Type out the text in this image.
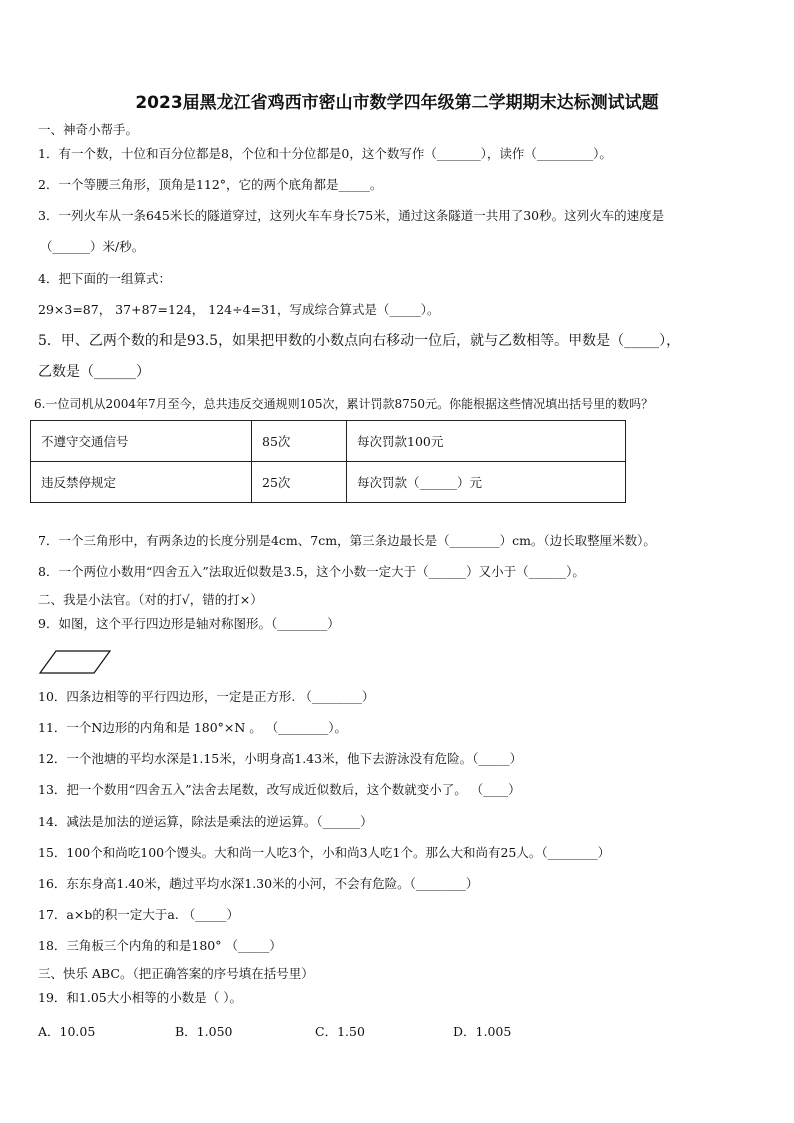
2023届黑龙江省鸡西市密山市数学四年级第二学期期末达标测试试题
一、神奇小帮手。
1．有一个数，十位和百分位都是8，个位和十分位都是0，这个数写作（_______），读作（_________）。
2．一个等腰三角形，顶角是112°，它的两个底角都是_____。
3．一列火车从一条645米长的隧道穿过，这列火车车身长75米，通过这条隧道一共用了30秒。这列火车的速度是
（______）米/秒。
4．把下面的一组算式：
29×3=87， 37+87=124， 124÷4=31，写成综合算式是（_____）。
5．甲、乙两个数的和是93.5，如果把甲数的小数点向右移动一位后，就与乙数相等。甲数是（_____），
乙数是（______）
6.一位司机从2004年7月至今，总共违反交通规则105次，累计罚款8750元。你能根据这些情况填出括号里的数吗？
不遵守交通信号	85次	每次罚款100元
违反禁停规定	25次	每次罚款（______）元
7．一个三角形中，有两条边的长度分别是4cm、7cm，第三条边最长是（________）cm。（边长取整厘米数）。
8．一个两位小数用“四舍五入”法取近似数是3.5，这个小数一定大于（______）又小于（______）。
二、我是小法官。（对的打√，错的打×）
9．如图，这个平行四边形是轴对称图形。（________）
10．四条边相等的平行四边形，一定是正方形. （________）
11．一个N边形的内角和是 180°×N 。 （________）。
12．一个池塘的平均水深是1.15米，小明身高1.43米，他下去游泳没有危险。（_____）
13．把一个数用“四舍五入”法舍去尾数，改写成近似数后，这个数就变小了。 （____）
14．减法是加法的逆运算，除法是乘法的逆运算。（______）
15．100个和尚吃100个馒头。大和尚一人吃3个，小和尚3人吃1个。那么大和尚有25人。（________）
16．东东身高1.40米，趟过平均水深1.30米的小河，不会有危险。（________）
17．a×b的积一定大于a. （_____）
18．三角板三个内角的和是180° （_____）
三、快乐 ABC。（把正确答案的序号填在括号里）
19．和1.05大小相等的小数是（ ）。
A．10.05	B．1.050	C．1.50	D．1.005
